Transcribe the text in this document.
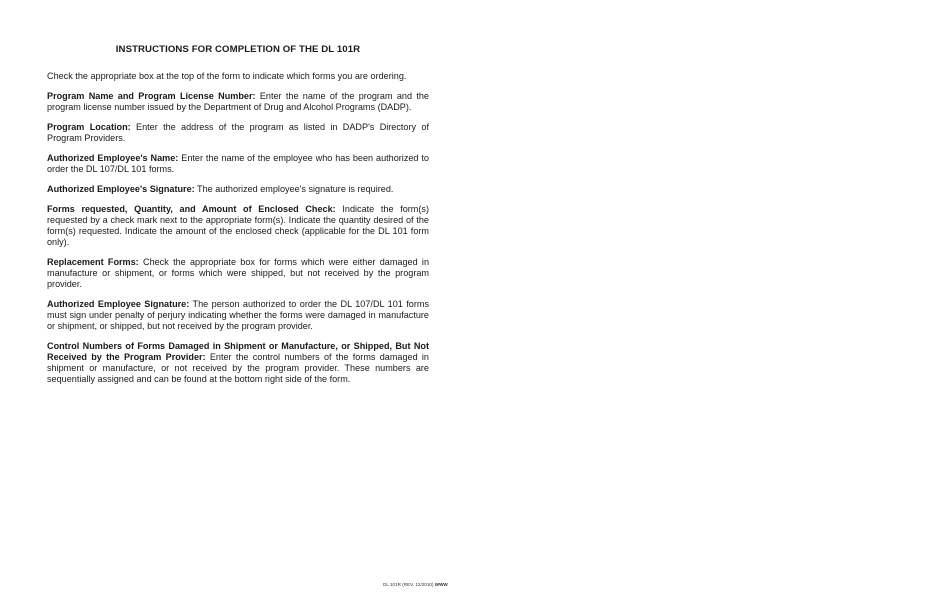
INSTRUCTIONS FOR COMPLETION OF THE DL 101R

Check the appropriate box at the top of the form to indicate which forms you are ordering.

Program Name and Program License Number: Enter the name of the program and the program license number issued by the Department of Drug and Alcohol Programs (DADP).

Program Location: Enter the address of the program as listed in DADP's Directory of Program Providers.

Authorized Employee's Name: Enter the name of the employee who has been authorized to order the DL 107/DL 101 forms.

Authorized Employee's Signature: The authorized employee's signature is required.

Forms requested, Quantity, and Amount of Enclosed Check: Indicate the form(s) requested by a check mark next to the appropriate form(s). Indicate the quantity desired of the form(s) requested. Indicate the amount of the enclosed check (applicable for the DL 101 form only).

Replacement Forms: Check the appropriate box for forms which were either damaged in manufacture or shipment, or forms which were shipped, but not received by the program provider.

Authorized Employee Signature: The person authorized to order the DL 107/DL 101 forms must sign under penalty of perjury indicating whether the forms were damaged in manufacture or shipment, or shipped, but not received by the program provider.

Control Numbers of Forms Damaged in Shipment or Manufacture, or Shipped, But Not Received by the Program Provider: Enter the control numbers of the forms damaged in shipment or manufacture, or not received by the program provider. These numbers are sequentially assigned and can be found at the bottom right side of the form.

DL 101R (REV. 12/2010) WWW
